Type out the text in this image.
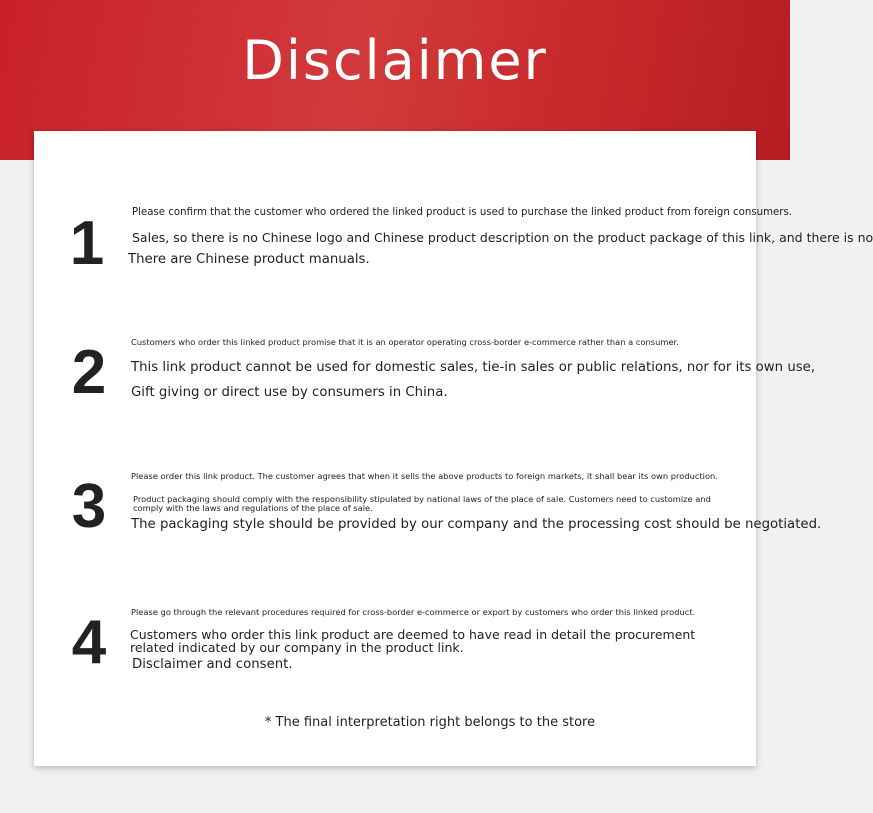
Disclaimer
1	Please confirm that the customer who ordered the linked product is used to purchase the linked product from foreign consumers.
Sales, so there is no Chinese logo and Chinese product description on the product package of this link, and there is no
There are Chinese product manuals.
2	Customers who order this linked product promise that it is an operator operating cross-border e-commerce rather than a consumer.
This link product cannot be used for domestic sales, tie-in sales or public relations, nor for its own use,
Gift giving or direct use by consumers in China.
3	Please order this link product. The customer agrees that when it sells the above products to foreign markets, it shall bear its own production.
Product packaging should comply with the responsibility stipulated by national laws of the place of sale. Customers need to customize and comply with the laws and regulations of the place of sale.
The packaging style should be provided by our company and the processing cost should be negotiated.
4	Please go through the relevant procedures required for cross-border e-commerce or export by customers who order this linked product.
Customers who order this link product are deemed to have read in detail the procurement related indicated by our company in the product link.
Disclaimer and consent.
* The final interpretation right belongs to the store
